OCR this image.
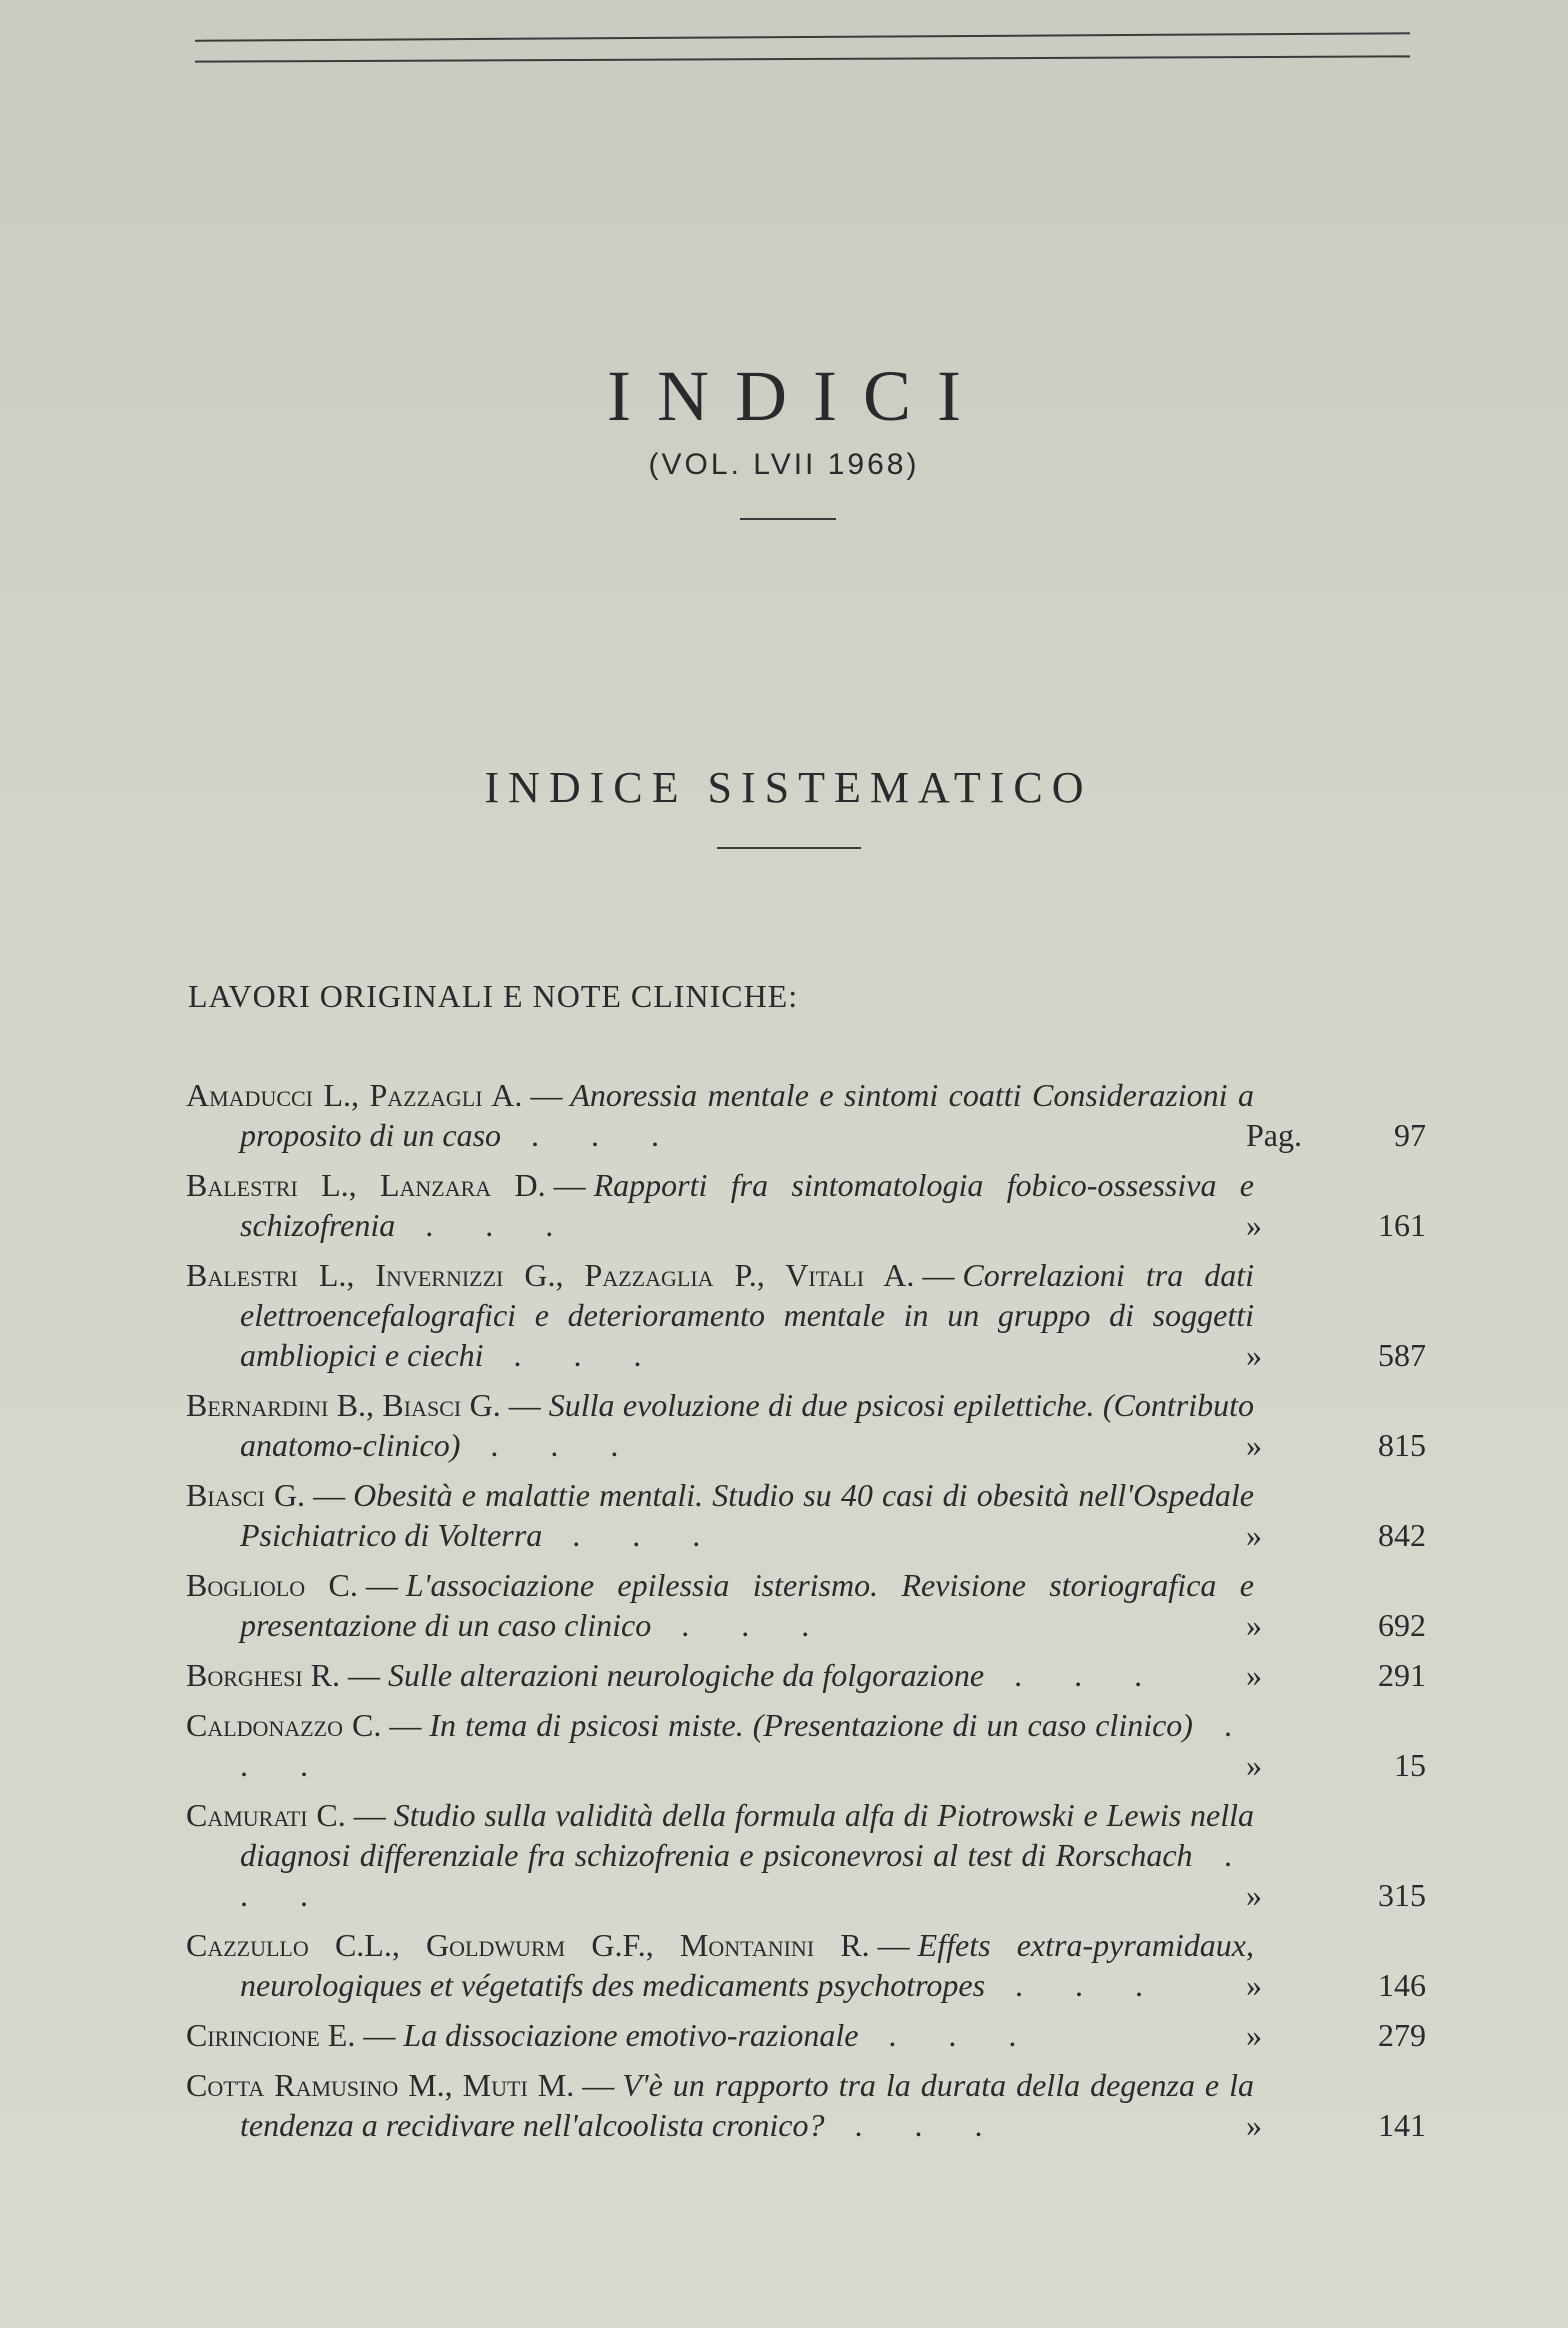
INDICI
(VOL. LVII 1968)
INDICE SISTEMATICO
LAVORI ORIGINALI E NOTE CLINICHE:
Amaducci L., Pazzagli A. — Anoressia mentale e sintomi coatti Considerazioni a proposito di un caso . . .	Pag.	97
Balestri L., Lanzara D. — Rapporti fra sintomatologia fobico-ossessiva e schizofrenia . . .	»	161
Balestri L., Invernizzi G., Pazzaglia P., Vitali A. — Correlazioni tra dati elettroencefalografici e deterioramento mentale in un gruppo di soggetti ambliopici e ciechi . . .	»	587
Bernardini B., Biasci G. — Sulla evoluzione di due psicosi epilettiche. (Contributo anatomo-clinico) . . .	»	815
Biasci G. — Obesità e malattie mentali. Studio su 40 casi di obesità nell'Ospedale Psichiatrico di Volterra . . .	»	842
Bogliolo C. — L'associazione epilessia isterismo. Revisione storiografica e presentazione di un caso clinico . . .	»	692
Borghesi R. — Sulle alterazioni neurologiche da folgorazione . . .	»	291
Caldonazzo C. — In tema di psicosi miste. (Presentazione di un caso clinico) . . .	»	15
Camurati C. — Studio sulla validità della formula alfa di Piotrowski e Lewis nella diagnosi differenziale fra schizofrenia e psiconevrosi al test di Rorschach . . .	»	315
Cazzullo C.L., Goldwurm G.F., Montanini R. — Effets extra-pyramidaux, neurologiques et végetatifs des medicaments psychotropes . . .	»	146
Cirincione E. — La dissociazione emotivo-razionale . . .	»	279
Cotta Ramusino M., Muti M. — V'è un rapporto tra la durata della degenza e la tendenza a recidivare nell'alcoolista cronico? . . .	»	141
